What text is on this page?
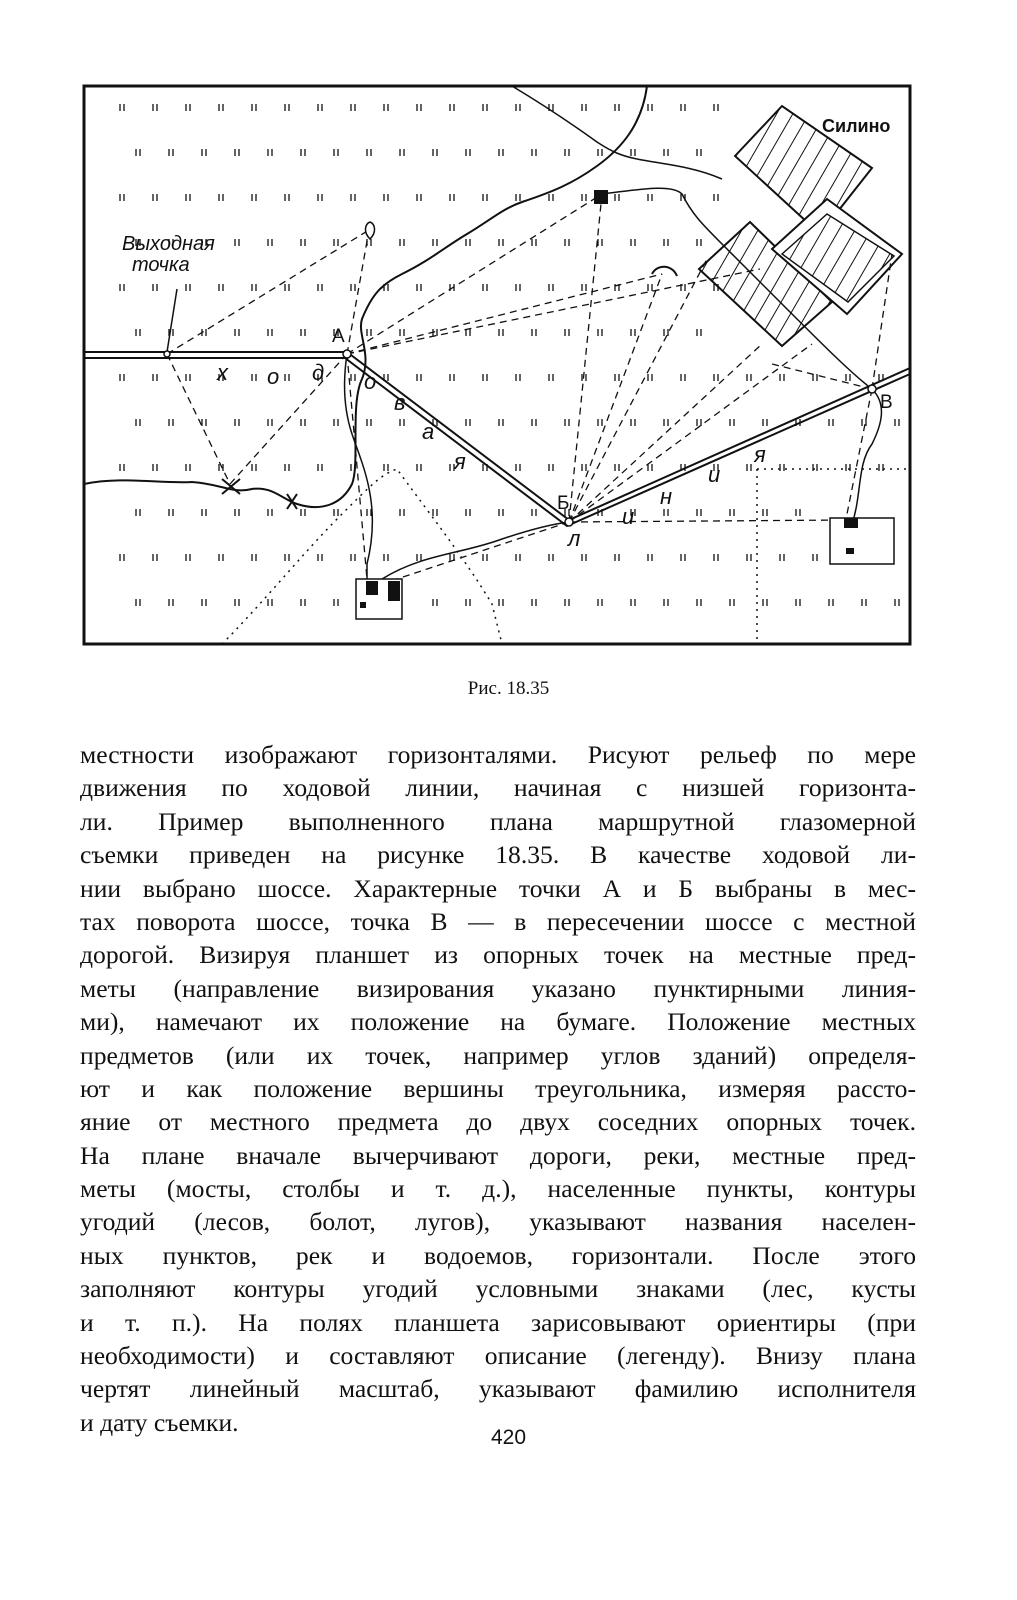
Выходная
точка
Силино
А
Б
В
х о д о
в
а
я
л
и
н
и
я
Рис. 18.35
местности изображают горизонталями. Рисуют рельеф по мере
движения по ходовой линии, начиная с низшей горизонта-
ли. Пример выполненного плана маршрутной глазомерной
съемки приведен на рисунке 18.35. В качестве ходовой ли-
нии выбрано шоссе. Характерные точки А и Б выбраны в мес-
тах поворота шоссе, точка В — в пересечении шоссе с местной
дорогой. Визируя планшет из опорных точек на местные пред-
меты (направление визирования указано пунктирными линия-
ми), намечают их положение на бумаге. Положение местных
предметов (или их точек, например углов зданий) определя-
ют и как положение вершины треугольника, измеряя рассто-
яние от местного предмета до двух соседних опорных точек.
На плане вначале вычерчивают дороги, реки, местные пред-
меты (мосты, столбы и т. д.), населенные пункты, контуры
угодий (лесов, болот, лугов), указывают названия населен-
ных пунктов, рек и водоемов, горизонтали. После этого
заполняют контуры угодий условными знаками (лес, кусты
и т. п.). На полях планшета зарисовывают ориентиры (при
необходимости) и составляют описание (легенду). Внизу плана
чертят линейный масштаб, указывают фамилию исполнителя
и дату съемки.
420
